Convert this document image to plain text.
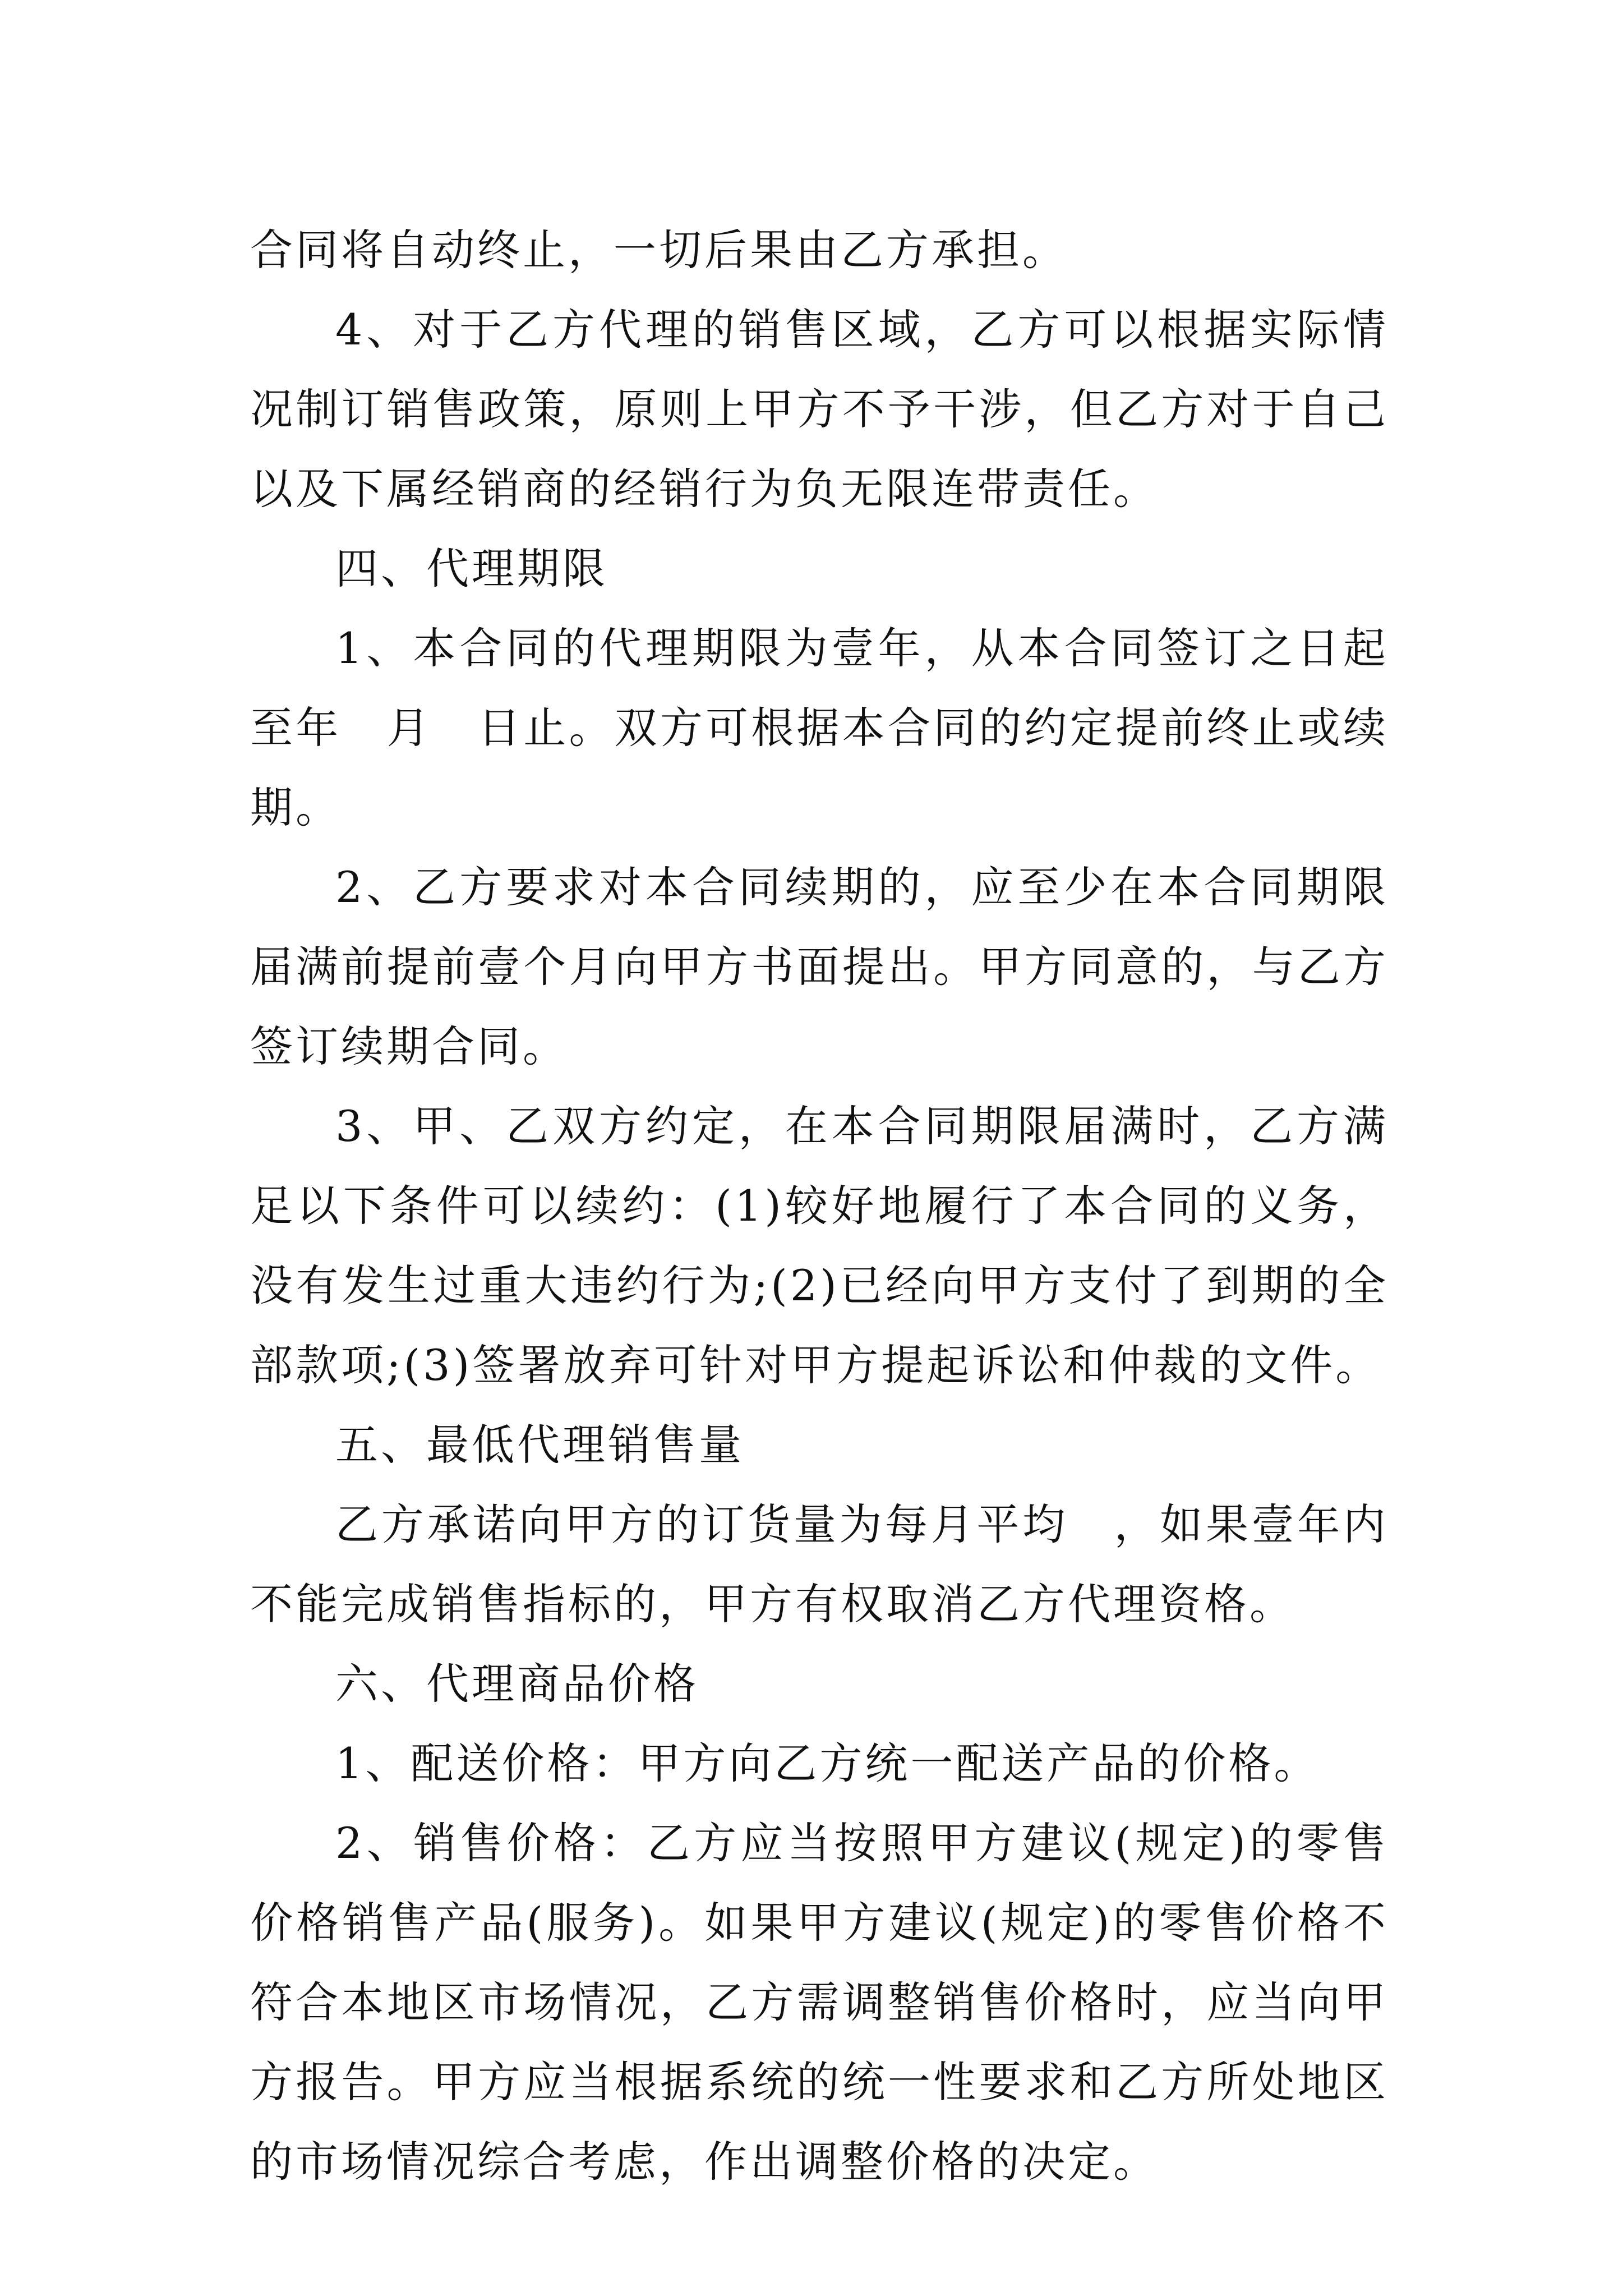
合同将自动终止，一切后果由乙方承担。

4、对于乙方代理的销售区域，乙方可以根据实际情况制订销售政策，原则上甲方不予干涉，但乙方对于自己以及下属经销商的经销行为负无限连带责任。

四、代理期限

1、本合同的代理期限为壹年，从本合同签订之日起至年　月　日止。双方可根据本合同的约定提前终止或续期。

2、乙方要求对本合同续期的，应至少在本合同期限届满前提前壹个月向甲方书面提出。甲方同意的，与乙方签订续期合同。

3、甲、乙双方约定，在本合同期限届满时，乙方满足以下条件可以续约：(1)较好地履行了本合同的义务，没有发生过重大违约行为;(2)已经向甲方支付了到期的全部款项;(3)签署放弃可针对甲方提起诉讼和仲裁的文件。

五、最低代理销售量

乙方承诺向甲方的订货量为每月平均　，如果壹年内不能完成销售指标的，甲方有权取消乙方代理资格。

六、代理商品价格

1、配送价格：甲方向乙方统一配送产品的价格。

2、销售价格：乙方应当按照甲方建议(规定)的零售价格销售产品(服务)。如果甲方建议(规定)的零售价格不符合本地区市场情况，乙方需调整销售价格时，应当向甲方报告。甲方应当根据系统的统一性要求和乙方所处地区的市场情况综合考虑，作出调整价格的决定。
